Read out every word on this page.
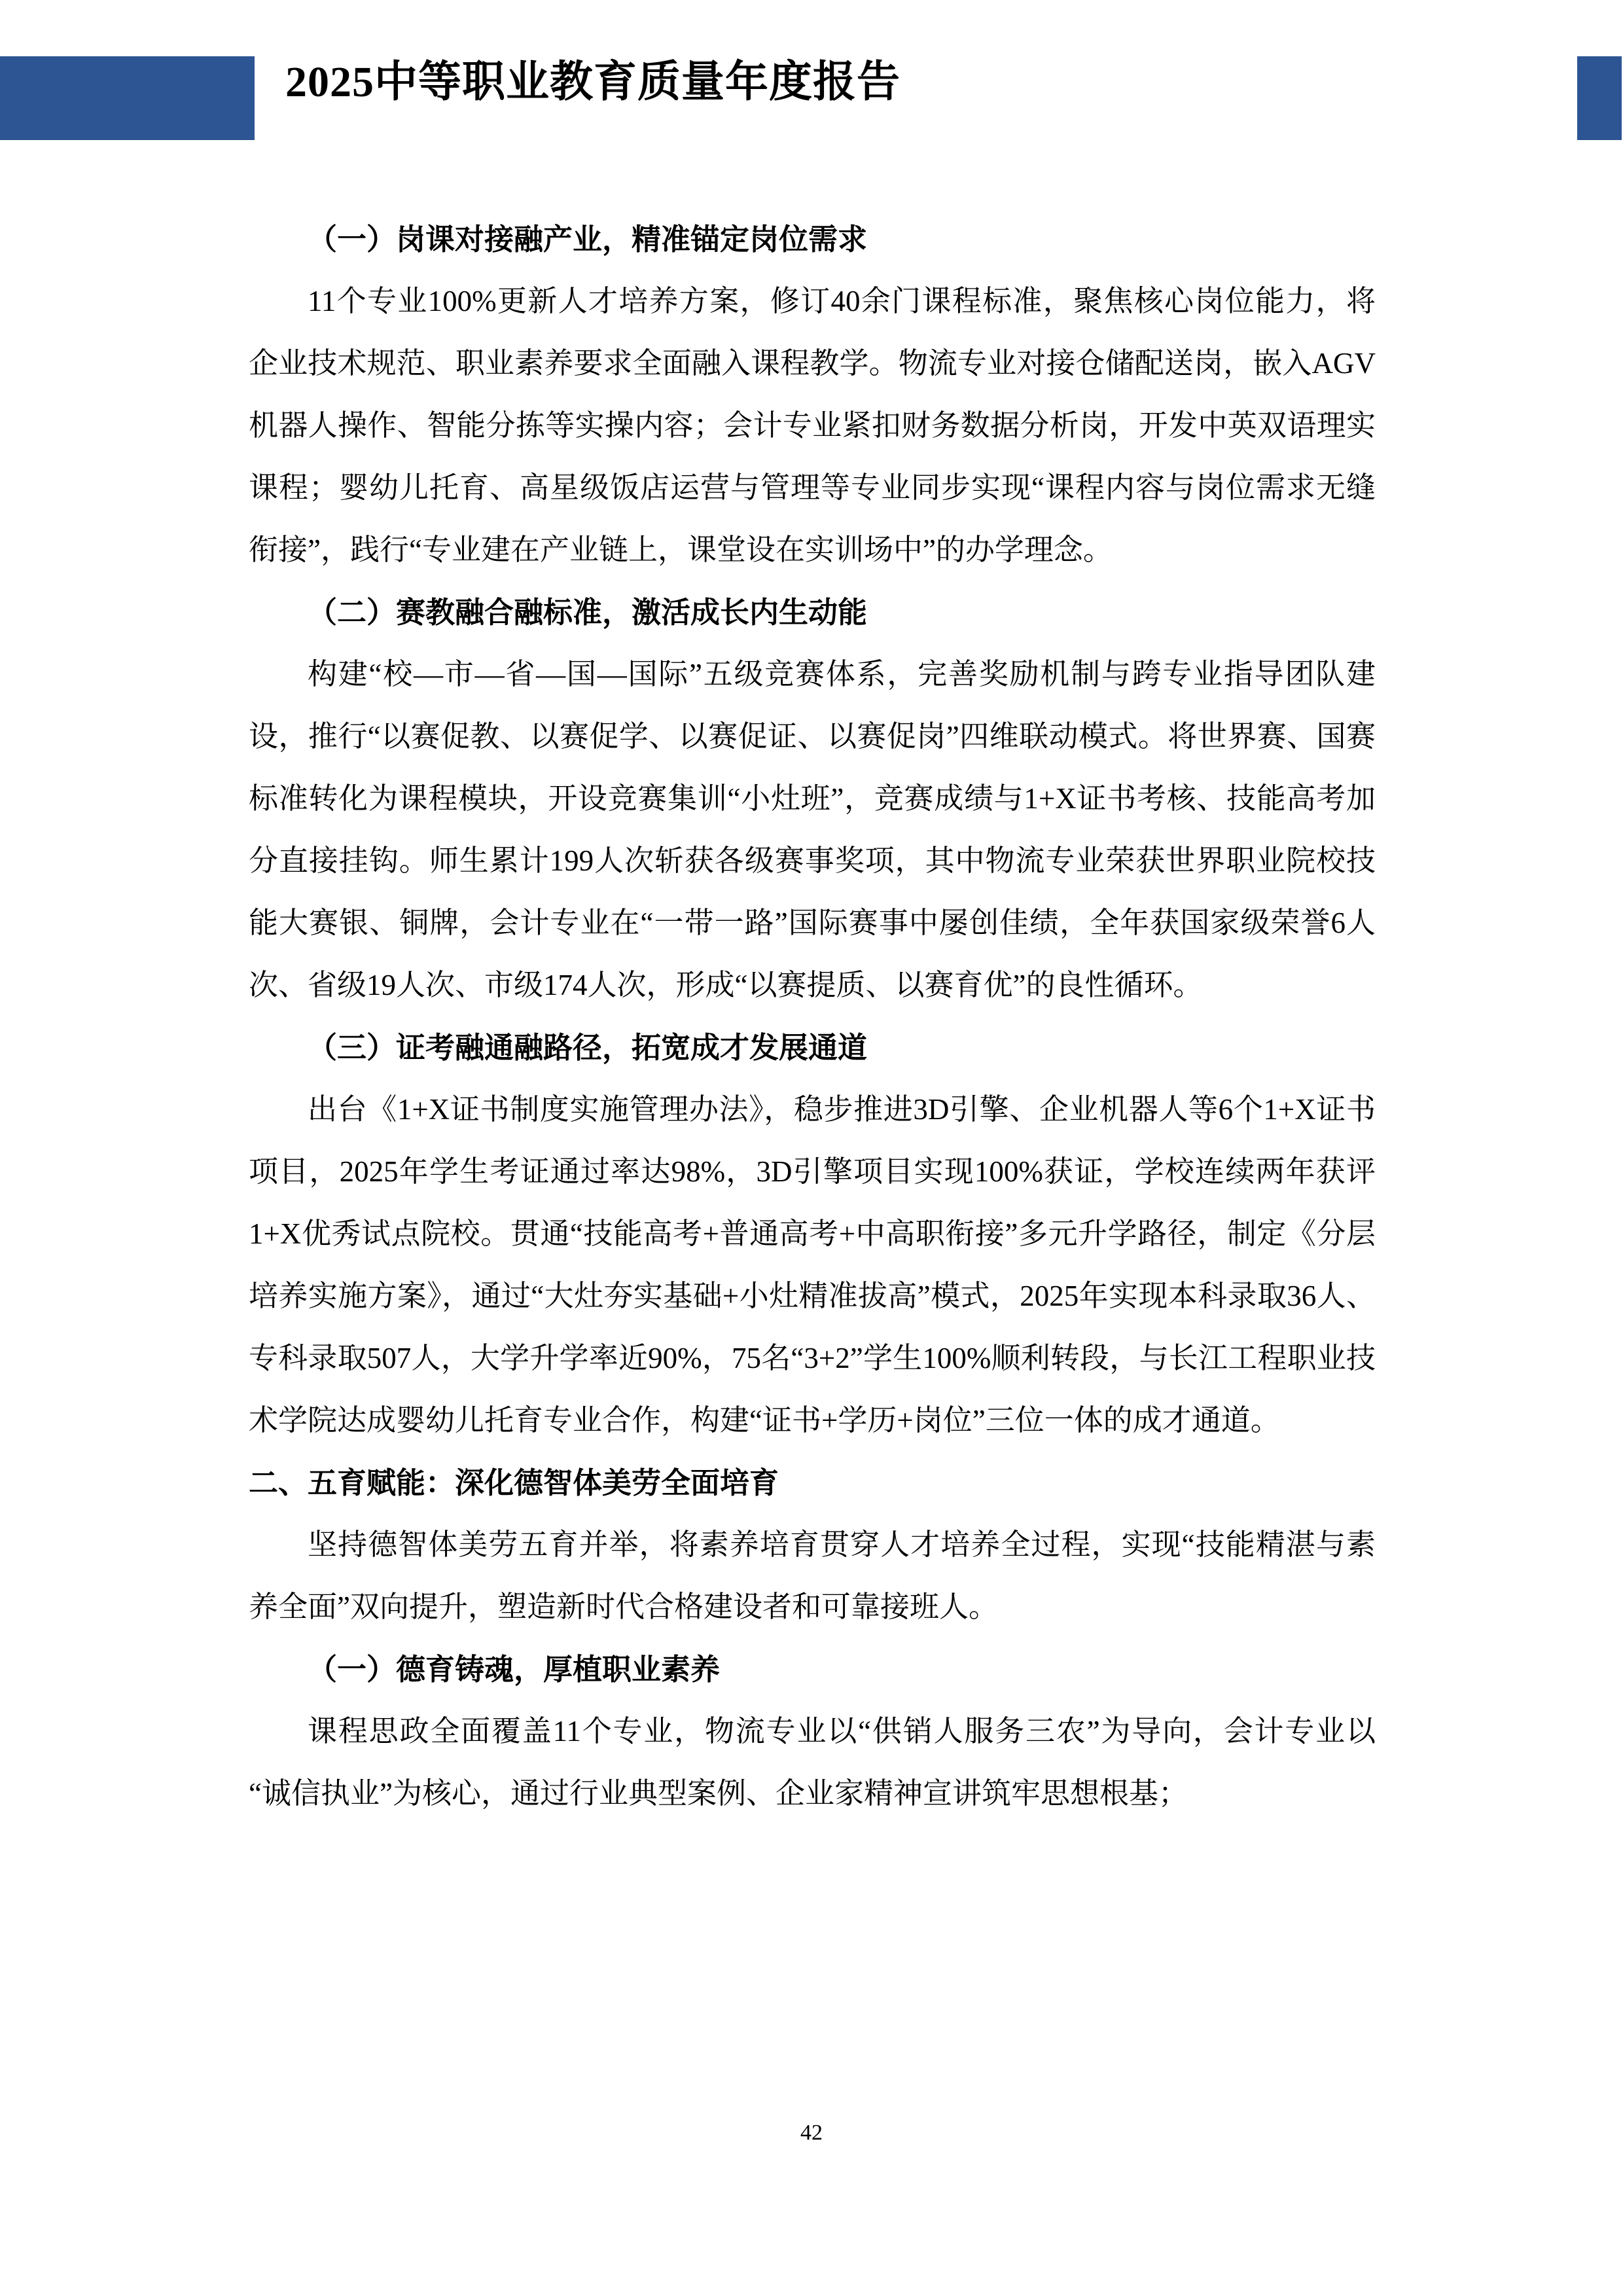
2025中等职业教育质量年度报告
（一）岗课对接融产业，精准锚定岗位需求

11个专业100%更新人才培养方案，修订40余门课程标准，聚焦核心岗位能力，将企业技术规范、职业素养要求全面融入课程教学。物流专业对接仓储配送岗，嵌入AGV机器人操作、智能分拣等实操内容；会计专业紧扣财务数据分析岗，开发中英双语理实课程；婴幼儿托育、高星级饭店运营与管理等专业同步实现“课程内容与岗位需求无缝衔接”，践行“专业建在产业链上，课堂设在实训场中”的办学理念。

（二）赛教融合融标准，激活成长内生动能

构建“校—市—省—国—国际”五级竞赛体系，完善奖励机制与跨专业指导团队建设，推行“以赛促教、以赛促学、以赛促证、以赛促岗”四维联动模式。将世界赛、国赛标准转化为课程模块，开设竞赛集训“小灶班”，竞赛成绩与1+X证书考核、技能高考加分直接挂钩。师生累计199人次斩获各级赛事奖项，其中物流专业荣获世界职业院校技能大赛银、铜牌，会计专业在“一带一路”国际赛事中屡创佳绩，全年获国家级荣誉6人次、省级19人次、市级174人次，形成“以赛提质、以赛育优”的良性循环。

（三）证考融通融路径，拓宽成才发展通道

出台《1+X证书制度实施管理办法》，稳步推进3D引擎、企业机器人等6个1+X证书项目，2025年学生考证通过率达98%，3D引擎项目实现100%获证，学校连续两年获评1+X优秀试点院校。贯通“技能高考+普通高考+中高职衔接”多元升学路径，制定《分层培养实施方案》，通过“大灶夯实基础+小灶精准拔高”模式，2025年实现本科录取36人、专科录取507人，大学升学率近90%，75名“3+2”学生100%顺利转段，与长江工程职业技术学院达成婴幼儿托育专业合作，构建“证书+学历+岗位”三位一体的成才通道。

二、五育赋能：深化德智体美劳全面培育

坚持德智体美劳五育并举，将素养培育贯穿人才培养全过程，实现“技能精湛与素养全面”双向提升，塑造新时代合格建设者和可靠接班人。

（一）德育铸魂，厚植职业素养

课程思政全面覆盖11个专业，物流专业以“供销人服务三农”为导向，会计专业以“诚信执业”为核心，通过行业典型案例、企业家精神宣讲筑牢思想根基；

42
